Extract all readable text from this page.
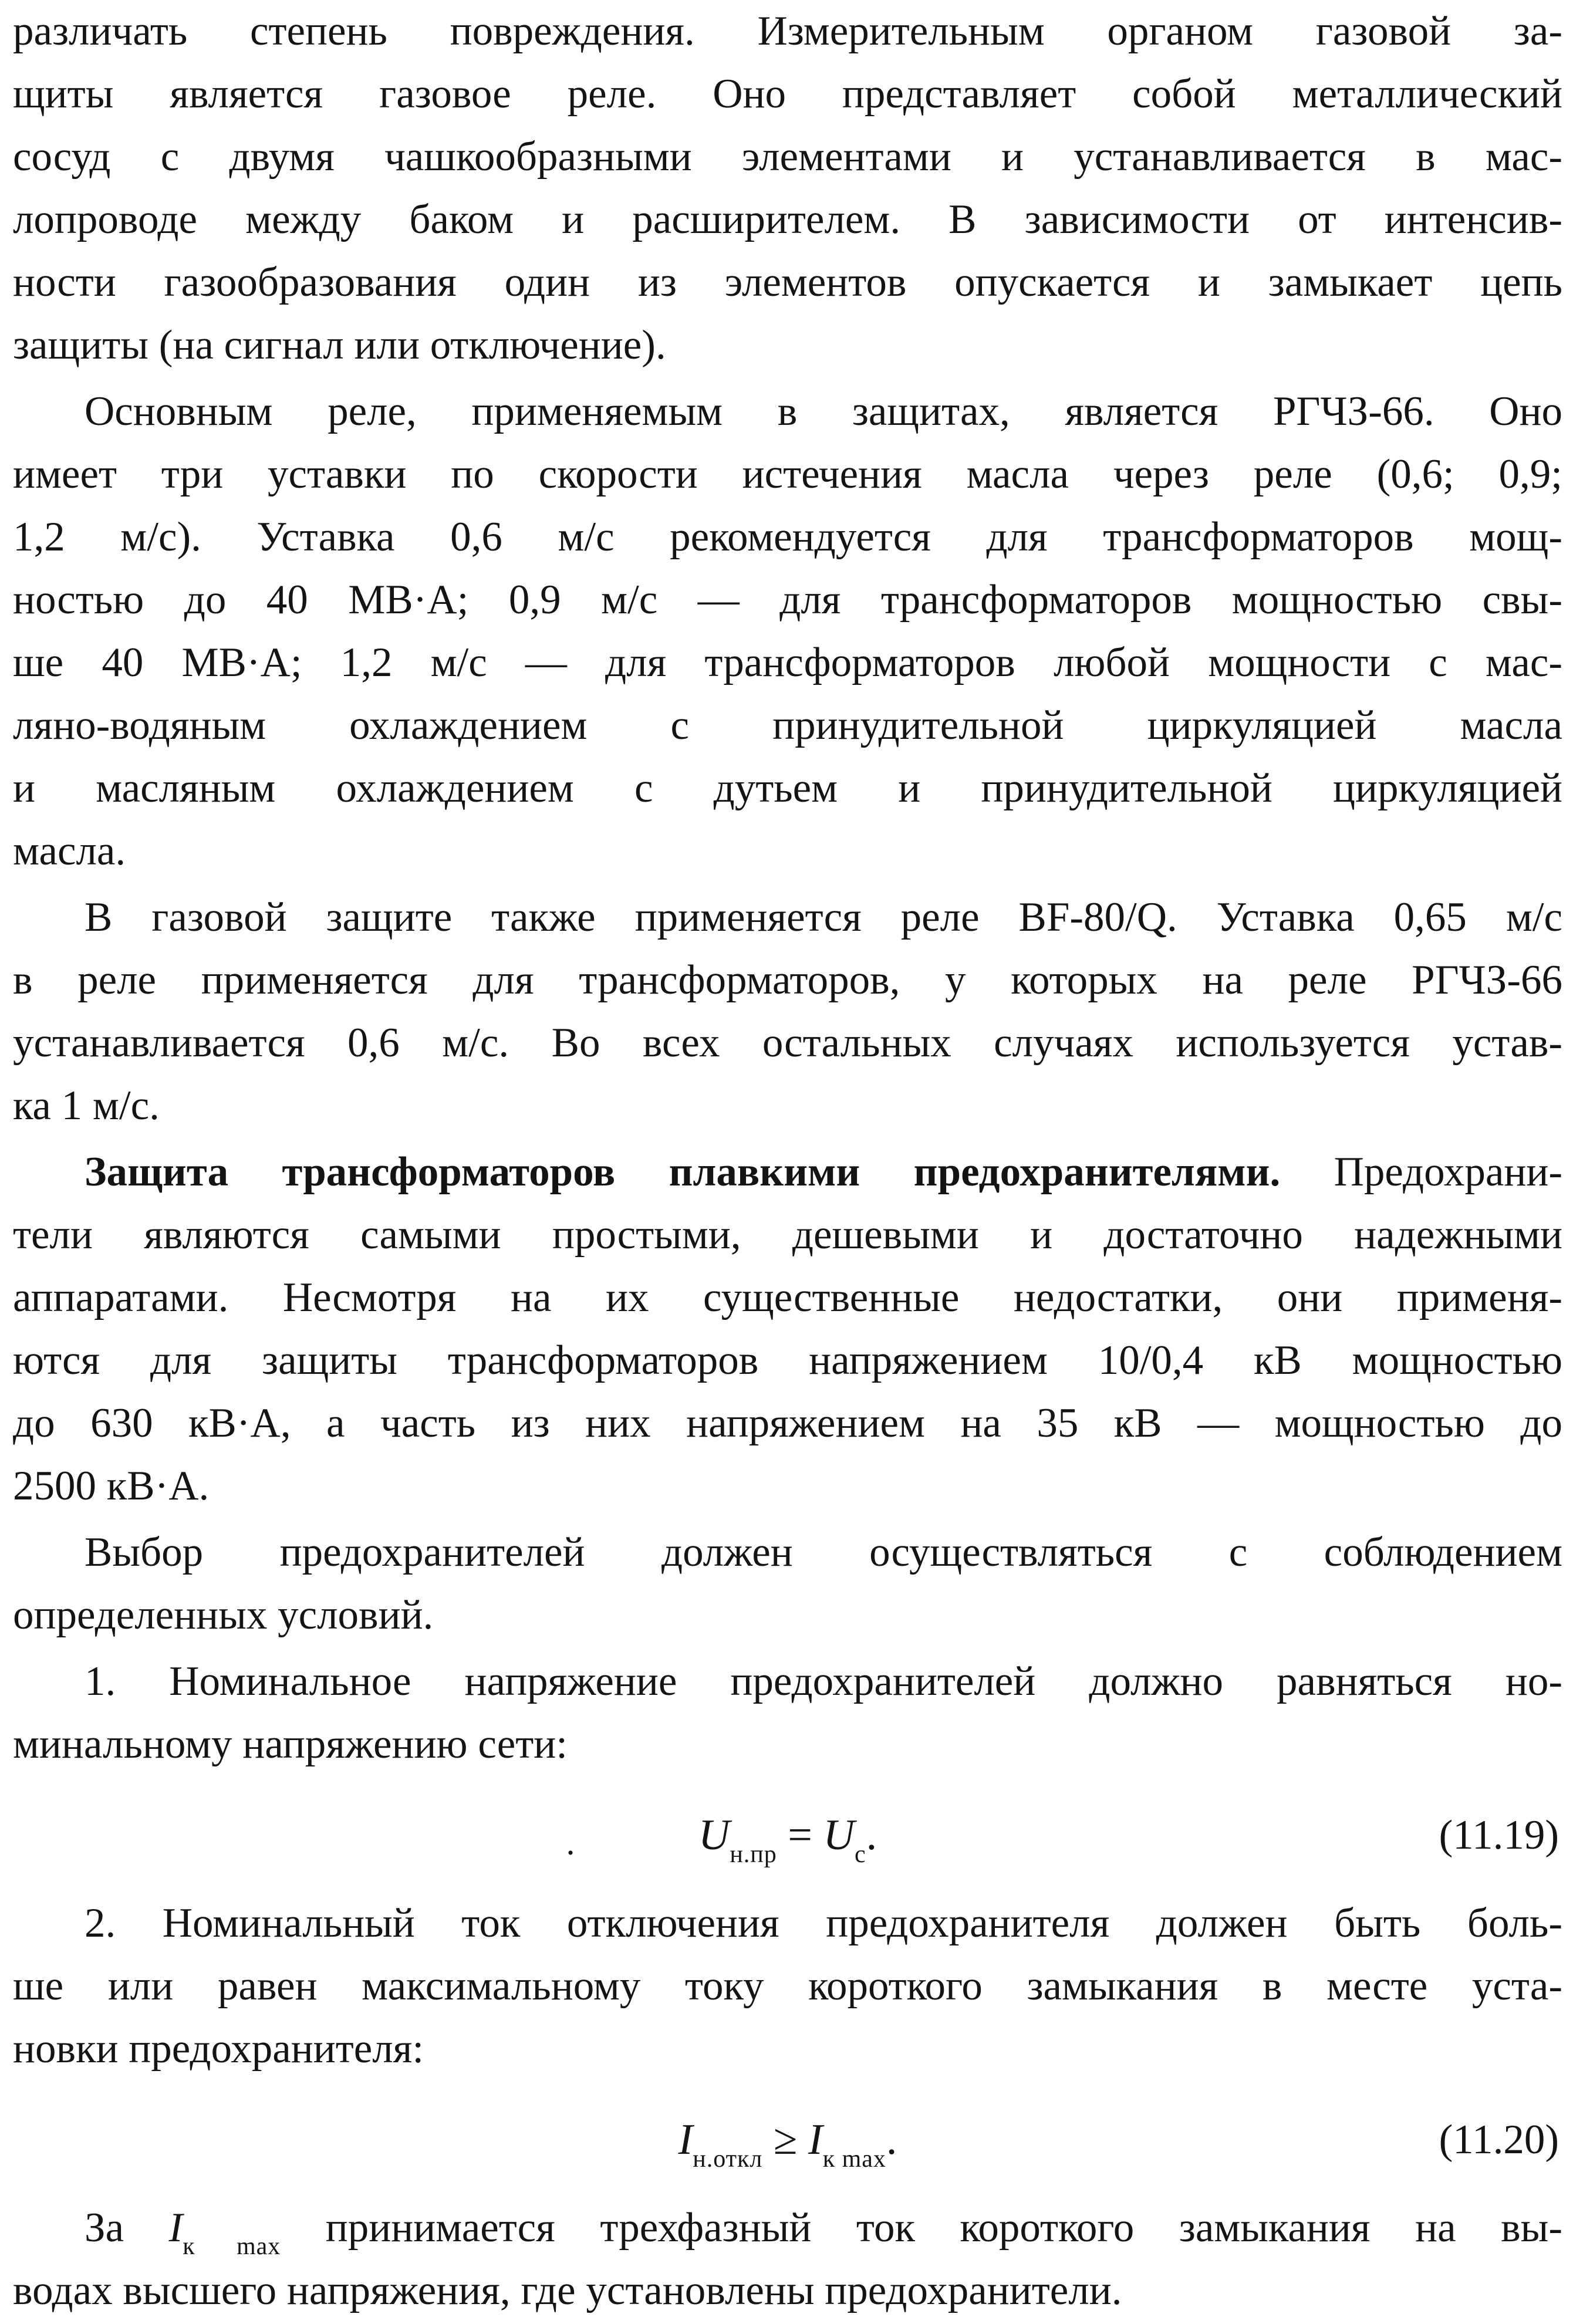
различать степень повреждения. Измерительным органом газовой за-
щиты является газовое реле. Оно представляет собой металлический
сосуд с двумя чашкообразными элементами и устанавливается в мас-
лопроводе между баком и расширителем. В зависимости от интенсив-
ности газообразования один из элементов опускается и замыкает цепь
защиты (на сигнал или отключение).
Основным реле, применяемым в защитах, является РГЧЗ-66. Оно
имеет три уставки по скорости истечения масла через реле (0,6; 0,9;
1,2 м/с). Уставка 0,6 м/с рекомендуется для трансформаторов мощ-
ностью до 40 МВ·А; 0,9 м/с — для трансформаторов мощностью свы-
ше 40 МВ·А; 1,2 м/с — для трансформаторов любой мощности с мас-
ляно-водяным охлаждением с принудительной циркуляцией масла
и масляным охлаждением с дутьем и принудительной циркуляцией
масла.
В газовой защите также применяется реле BF-80/Q. Уставка 0,65 м/с
в реле применяется для трансформаторов, у которых на реле РГЧЗ-66
устанавливается 0,6 м/с. Во всех остальных случаях используется устав-
ка 1 м/с.
Защита трансформаторов плавкими предохранителями. Предохрани-
тели являются самыми простыми, дешевыми и достаточно надежными
аппаратами. Несмотря на их существенные недостатки, они применя-
ются для защиты трансформаторов напряжением 10/0,4 кВ мощностью
до 630 кВ·А, а часть из них напряжением на 35 кВ — мощностью до
2500 кВ·А.
Выбор предохранителей должен осуществляться с соблюдением
определенных условий.
1. Номинальное напряжение предохранителей должно равняться но-
минальному напряжению сети:
·	$U_{н.пр} = U_с$.	(11.19)
2. Номинальный ток отключения предохранителя должен быть боль-
ше или равен максимальному току короткого замыкания в месте уста-
новки предохранителя:
$I_{н.откл} \ge I_{к max}$.	(11.20)
За $I_{к max}$ принимается трехфазный ток короткого замыкания на вы-
водах высшего напряжения, где установлены предохранители.
